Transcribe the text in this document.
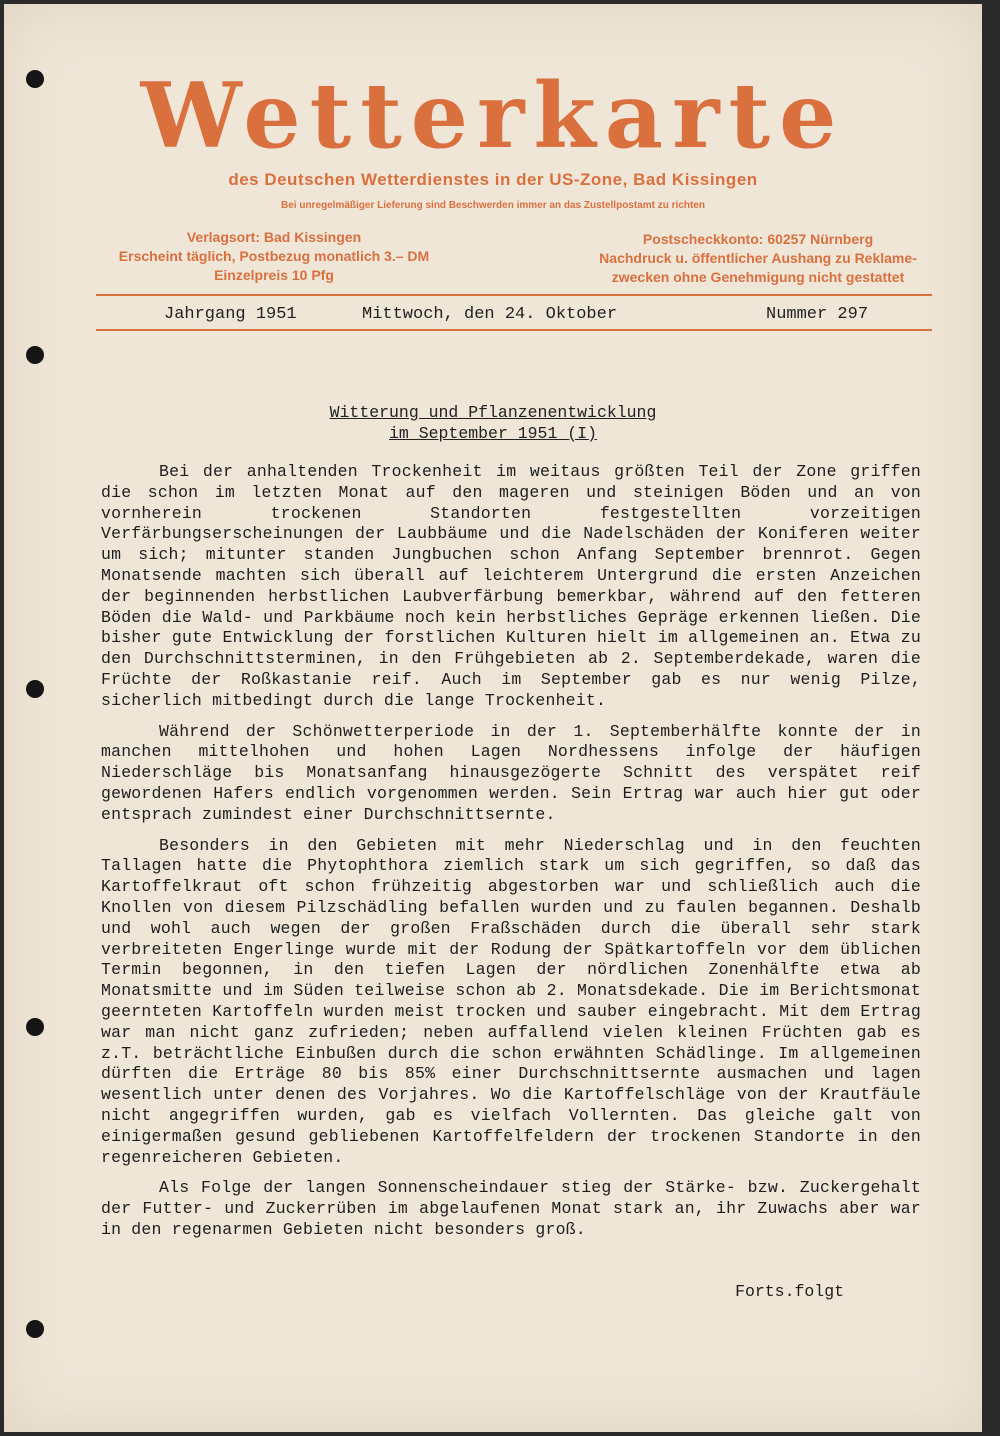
Wetterkarte
des Deutschen Wetterdienstes in der US-Zone, Bad Kissingen
Bei unregelmäßiger Lieferung sind Beschwerden immer an das Zustellpostamt zu richten
Verlagsort: Bad Kissingen
Erscheint täglich, Postbezug monatlich 3.– DM
Einzelpreis 10 Pfg
Postscheckkonto: 60257 Nürnberg
Nachdruck u. öffentlicher Aushang zu Reklame-
zwecken ohne Genehmigung nicht gestattet
Jahrgang 1951	Mittwoch, den 24. Oktober	Nummer 297
Witterung und Pflanzenentwicklung
im September 1951 (I)

Bei der anhaltenden Trockenheit im weitaus größten Teil der Zone griffen die schon im letzten Monat auf den mageren und steinigen Böden und an von vornherein trockenen Standorten festgestellten vorzeitigen Verfärbungserscheinungen der Laubbäume und die Nadelschäden der Koniferen weiter um sich; mitunter standen Jungbuchen schon Anfang September brennrot. Gegen Monatsende machten sich überall auf leichterem Untergrund die ersten Anzeichen der beginnenden herbstlichen Laubverfärbung bemerkbar, während auf den fetteren Böden die Wald- und Parkbäume noch kein herbstliches Gepräge erkennen ließen. Die bisher gute Entwicklung der forstlichen Kulturen hielt im allgemeinen an. Etwa zu den Durchschnittsterminen, in den Frühgebieten ab 2. Septemberdekade, waren die Früchte der Roßkastanie reif. Auch im September gab es nur wenig Pilze, sicherlich mitbedingt durch die lange Trockenheit.

Während der Schönwetterperiode in der 1. Septemberhälfte konnte der in manchen mittelhohen und hohen Lagen Nordhessens infolge der häufigen Niederschläge bis Monatsanfang hinausgezögerte Schnitt des verspätet reif gewordenen Hafers endlich vorgenommen werden. Sein Ertrag war auch hier gut oder entsprach zumindest einer Durchschnittsernte.

Besonders in den Gebieten mit mehr Niederschlag und in den feuchten Tallagen hatte die Phytophthora ziemlich stark um sich gegriffen, so daß das Kartoffelkraut oft schon frühzeitig abgestorben war und schließlich auch die Knollen von diesem Pilzschädling befallen wurden und zu faulen begannen. Deshalb und wohl auch wegen der großen Fraßschäden durch die überall sehr stark verbreiteten Engerlinge wurde mit der Rodung der Spätkartoffeln vor dem üblichen Termin begonnen, in den tiefen Lagen der nördlichen Zonenhälfte etwa ab Monatsmitte und im Süden teilweise schon ab 2. Monatsdekade. Die im Berichtsmonat geernteten Kartoffeln wurden meist trocken und sauber eingebracht. Mit dem Ertrag war man nicht ganz zufrieden; neben auffallend vielen kleinen Früchten gab es z.T. beträchtliche Einbußen durch die schon erwähnten Schädlinge. Im allgemeinen dürften die Erträge 80 bis 85% einer Durchschnittsernte ausmachen und lagen wesentlich unter denen des Vorjahres. Wo die Kartoffelschläge von der Krautfäule nicht angegriffen wurden, gab es vielfach Vollernten. Das gleiche galt von einigermaßen gesund gebliebenen Kartoffelfeldern der trockenen Standorte in den regenreicheren Gebieten.

Als Folge der langen Sonnenscheindauer stieg der Stärke- bzw. Zuckergehalt der Futter- und Zuckerrüben im abgelaufenen Monat stark an, ihr Zuwachs aber war in den regenarmen Gebieten nicht besonders groß.

Forts.folgt
